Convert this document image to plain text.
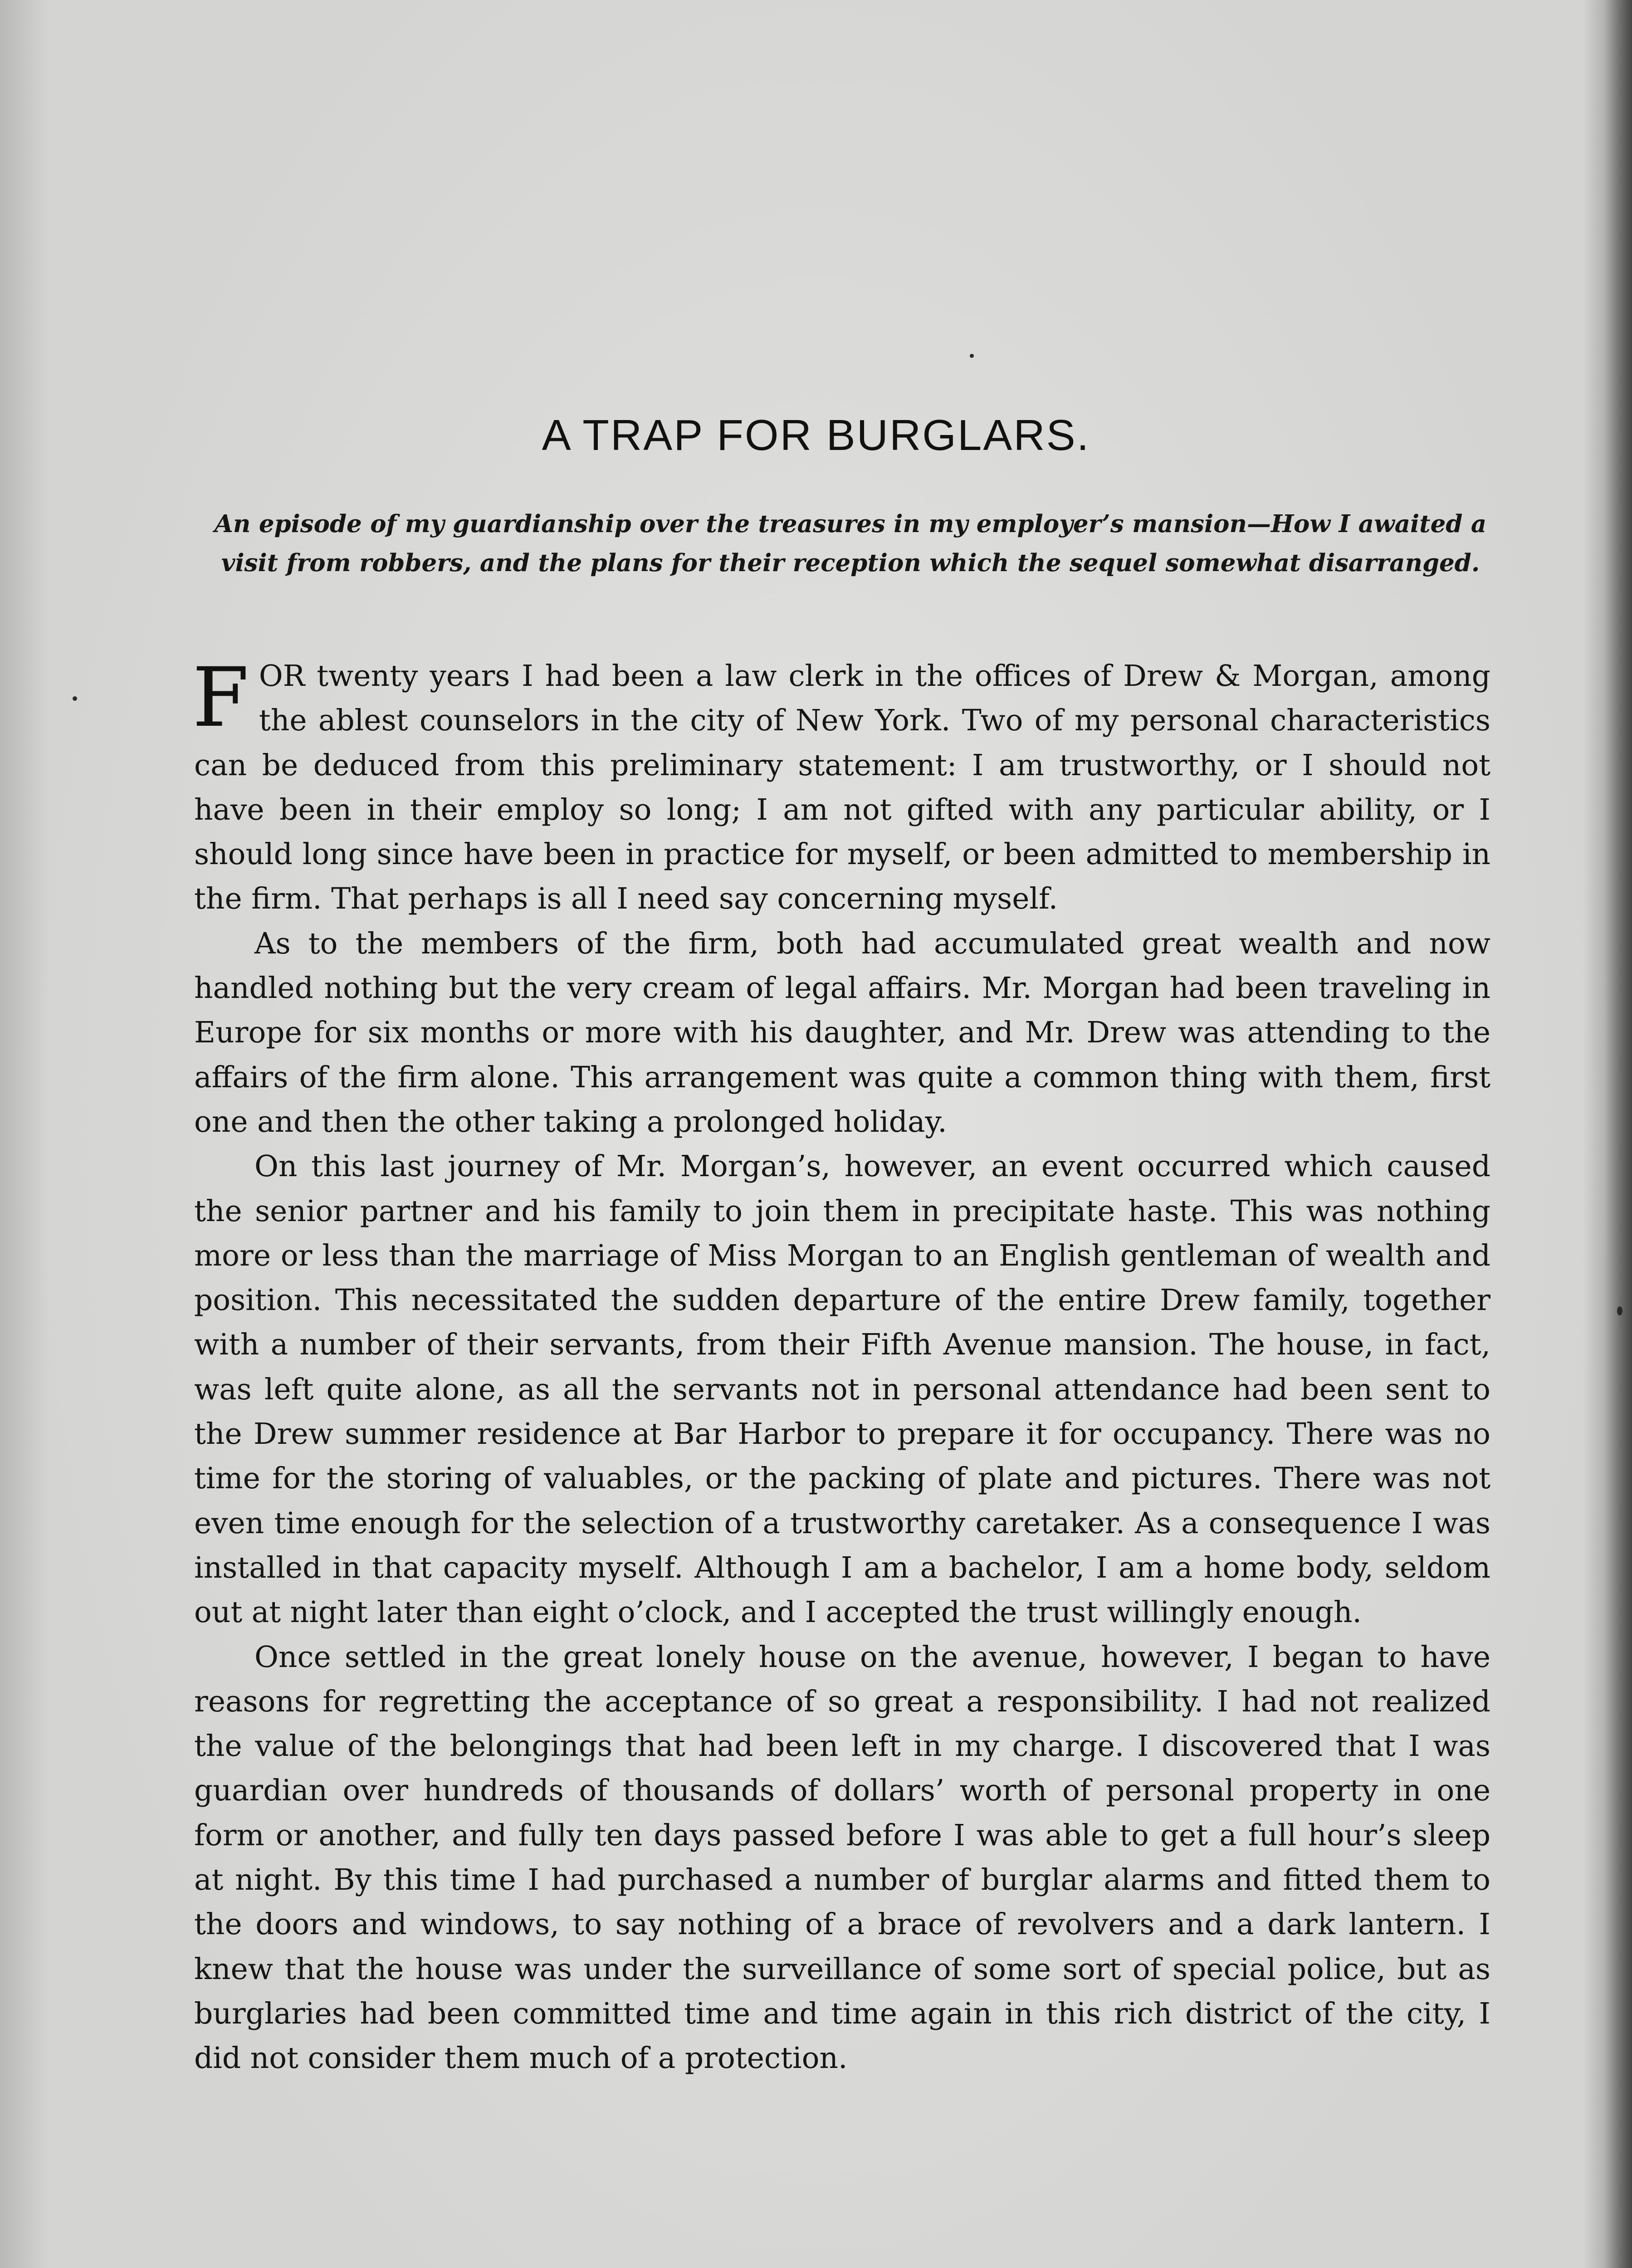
A TRAP FOR BURGLARS.

An episode of my guardianship over the treasures in my employer’s mansion—How I awaited a visit from robbers, and the plans for their reception which the sequel somewhat disarranged.

FOR twenty years I had been a law clerk in the offices of Drew & Morgan, among the ablest counselors in the city of New York. Two of my personal characteristics can be deduced from this preliminary statement: I am trustworthy, or I should not have been in their employ so long; I am not gifted with any particular ability, or I should long since have been in practice for myself, or been admitted to membership in the firm. That perhaps is all I need say concerning myself.

As to the members of the firm, both had accumulated great wealth and now handled nothing but the very cream of legal affairs. Mr. Morgan had been traveling in Europe for six months or more with his daughter, and Mr. Drew was attending to the affairs of the firm alone. This arrangement was quite a common thing with them, first one and then the other taking a prolonged holiday.

On this last journey of Mr. Morgan’s, however, an event occurred which caused the senior partner and his family to join them in precipitate haste. This was nothing more or less than the marriage of Miss Morgan to an English gentleman of wealth and position. This necessitated the sudden departure of the entire Drew family, together with a number of their servants, from their Fifth Avenue mansion. The house, in fact, was left quite alone, as all the servants not in personal attendance had been sent to the Drew summer residence at Bar Harbor to prepare it for occupancy. There was no time for the storing of valuables, or the packing of plate and pictures. There was not even time enough for the selection of a trustworthy caretaker. As a consequence I was installed in that capacity myself. Although I am a bachelor, I am a home body, seldom out at night later than eight o’clock, and I accepted the trust willingly enough.

Once settled in the great lonely house on the avenue, however, I began to have reasons for regretting the acceptance of so great a responsibility. I had not realized the value of the belongings that had been left in my charge. I discovered that I was guardian over hundreds of thousands of dollars’ worth of personal property in one form or another, and fully ten days passed before I was able to get a full hour’s sleep at night. By this time I had purchased a number of burglar alarms and fitted them to the doors and windows, to say nothing of a brace of revolvers and a dark lantern. I knew that the house was under the surveillance of some sort of special police, but as burglaries had been committed time and time again in this rich district of the city, I did not consider them much of a protection.
